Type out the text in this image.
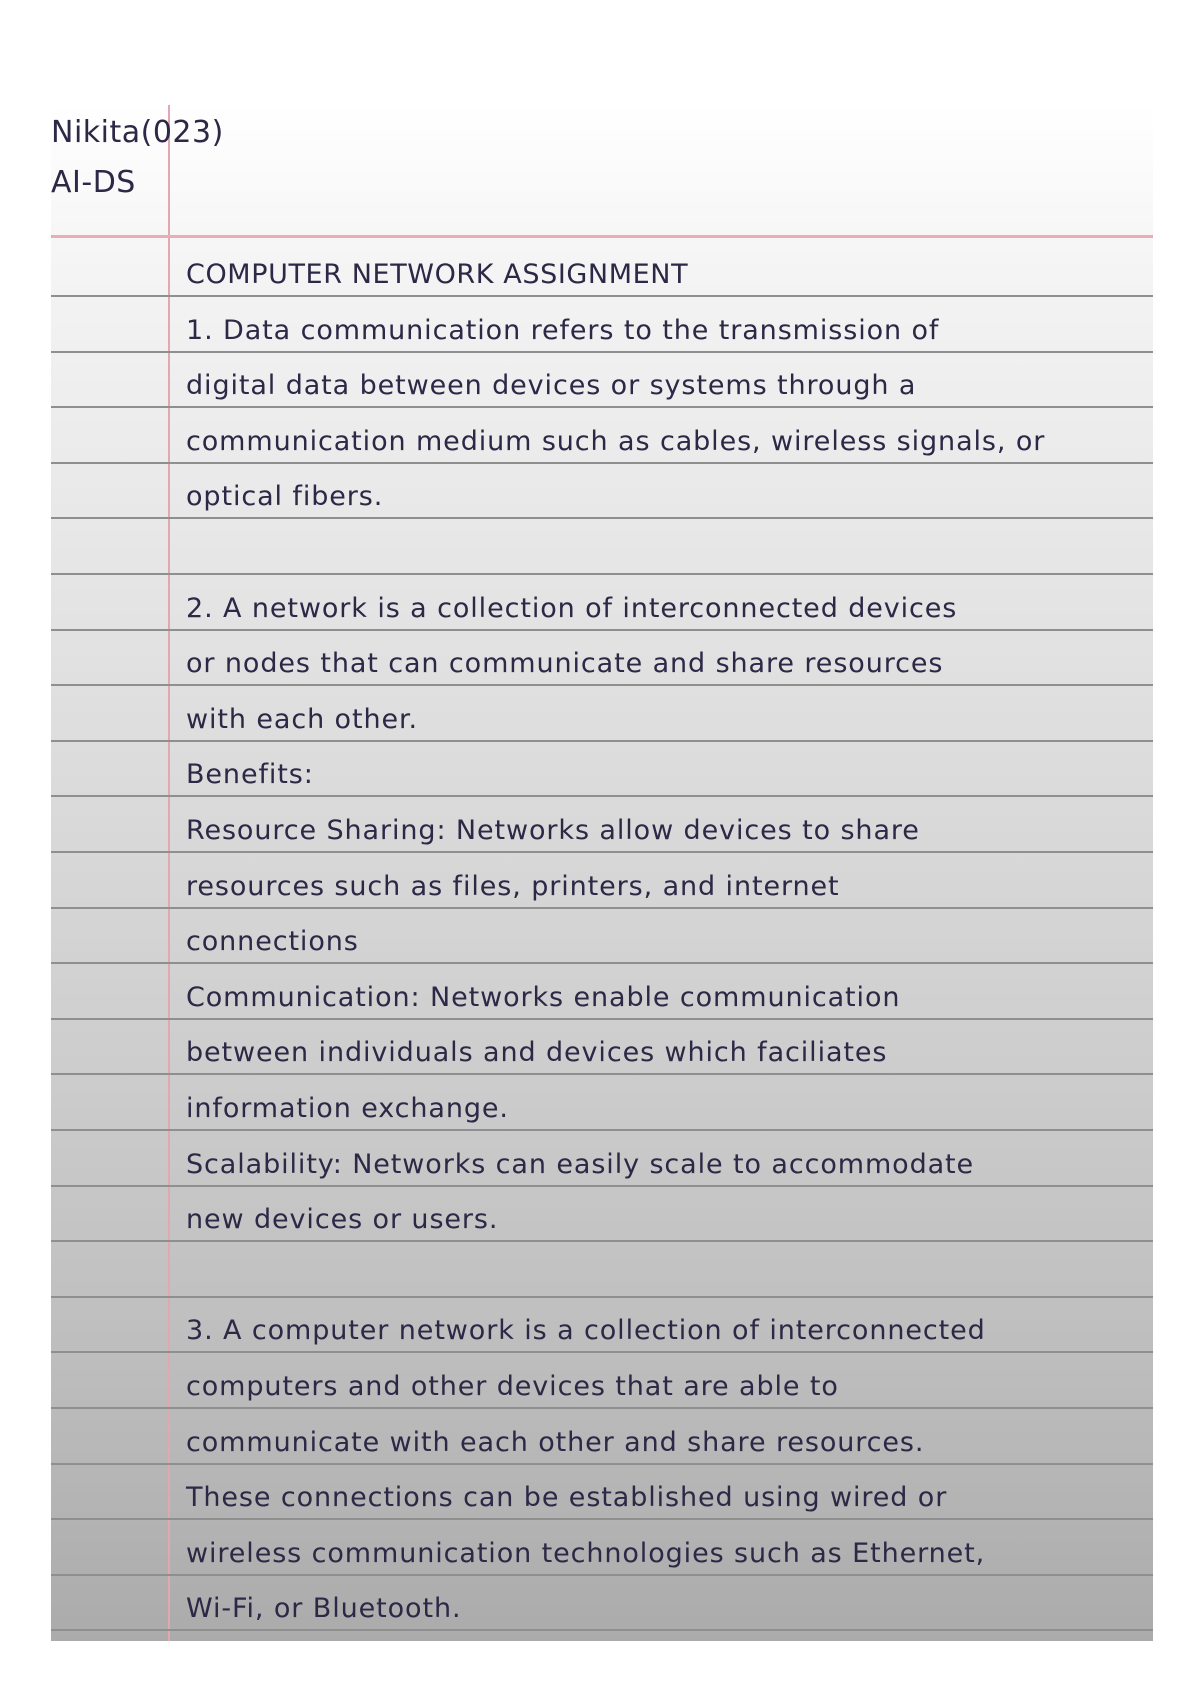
Nikita(023)

AI-DS

COMPUTER NETWORK ASSIGNMENT

1. Data communication refers to the transmission of

digital data between devices or systems through a

communication medium such as cables, wireless signals, or

optical fibers.

2. A network is a collection of interconnected devices

or nodes that can communicate and share resources

with each other.

Benefits:

Resource Sharing: Networks allow devices to share

resources such as files, printers, and internet

connections

Communication: Networks enable communication

between individuals and devices which faciliates

information exchange.

Scalability: Networks can easily scale to accommodate

new devices or users.

3. A computer network is a collection of interconnected

computers and other devices that are able to

communicate with each other and share resources.

These connections can be established using wired or

wireless communication technologies such as Ethernet,

Wi-Fi, or Bluetooth.
